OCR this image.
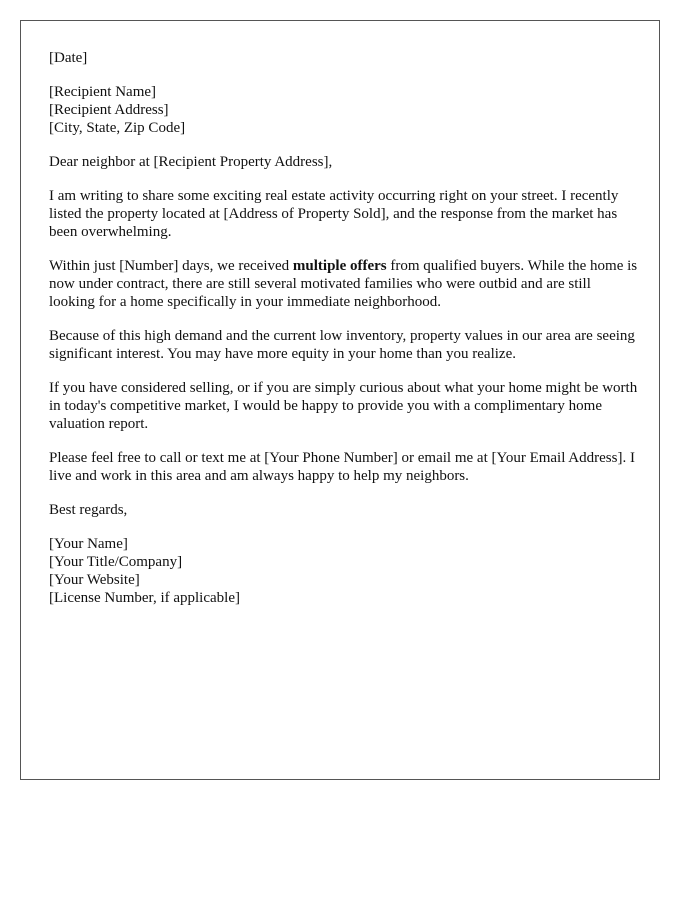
[Date]
[Recipient Name]
[Recipient Address]
[City, State, Zip Code]

Dear neighbor at [Recipient Property Address],

I am writing to share some exciting real estate activity occurring right on your street. I recently listed the property located at [Address of Property Sold], and the response from the market has been overwhelming.

Within just [Number] days, we received multiple offers from qualified buyers. While the home is now under contract, there are still several motivated families who were outbid and are still looking for a home specifically in your immediate neighborhood.

Because of this high demand and the current low inventory, property values in our area are seeing significant interest. You may have more equity in your home than you realize.

If you have considered selling, or if you are simply curious about what your home might be worth in today's competitive market, I would be happy to provide you with a complimentary home valuation report.

Please feel free to call or text me at [Your Phone Number] or email me at [Your Email Address]. I live and work in this area and am always happy to help my neighbors.

Best regards,

[Your Name]
[Your Title/Company]
[Your Website]
[License Number, if applicable]
